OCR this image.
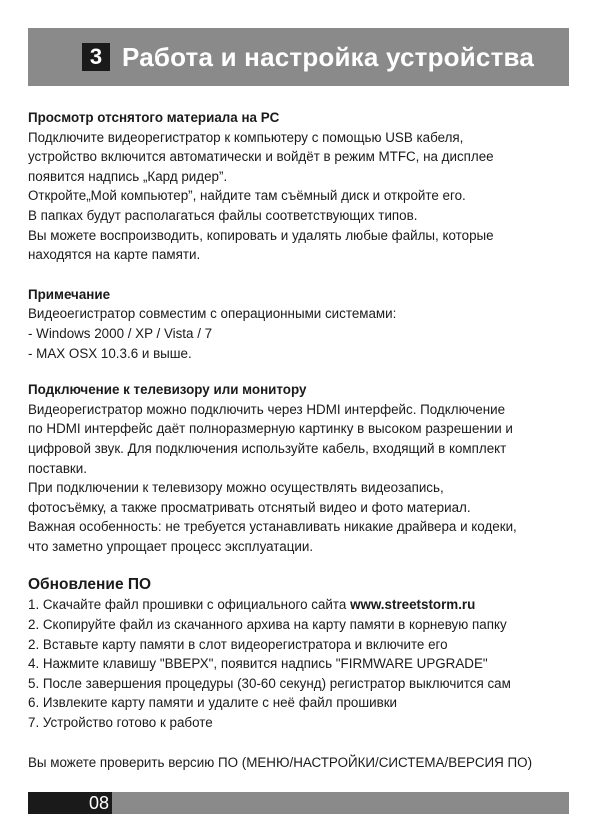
3 Работа и настройка устройства
Просмотр отснятого материала на PC

Подключите видеорегистратор к компьютеру с помощью USB кабеля,

устройство включится автоматически и войдёт в режим MTFC, на дисплее

появится надпись „Кард ридер”.

Откройте„Мой компьютер”, найдите там съёмный диск и откройте его.

В папках будут располагаться файлы соответствующих типов.

Вы можете воспроизводить, копировать и удалять любые файлы, которые

находятся на карте памяти.

Примечание

Видеоегистратор совместим с операционными системами:

- Windows 2000 / XP / Vista / 7

- MAX OSX 10.3.6 и выше.

Подключение к телевизору или монитору

Видеорегистратор можно подключить через HDMI интерфейс. Подключение

по HDMI интерфейс даёт полноразмерную картинку в высоком разрешении и

цифровой звук. Для подключения используйте кабель, входящий в комплект

поставки.

При подключении к телевизору можно осуществлять видеозапись,

фотосъёмку, а также просматривать отснятый видео и фото материал.

Важная особенность: не требуется устанавливать никакие драйвера и кодеки,

что заметно упрощает процесс эксплуатации.

Обновление ПО

1. Скачайте файл прошивки с официального сайта www.streetstorm.ru

2. Скопируйте файл из скачанного архива на карту памяти в корневую папку

2. Вставьте карту памяти в слот видеорегистратора и включите его

4. Нажмите клавишу "ВВЕРХ", появится надпись "FIRMWARE UPGRADE"

5. После завершения процедуры (30-60 секунд) регистратор выключится сам

6. Извлеките карту памяти и удалите с неё файл прошивки

7. Устройство готово к работе

Вы можете проверить версию ПО (МЕНЮ/НАСТРОЙКИ/СИСТЕМА/ВЕРСИЯ ПО)

08
